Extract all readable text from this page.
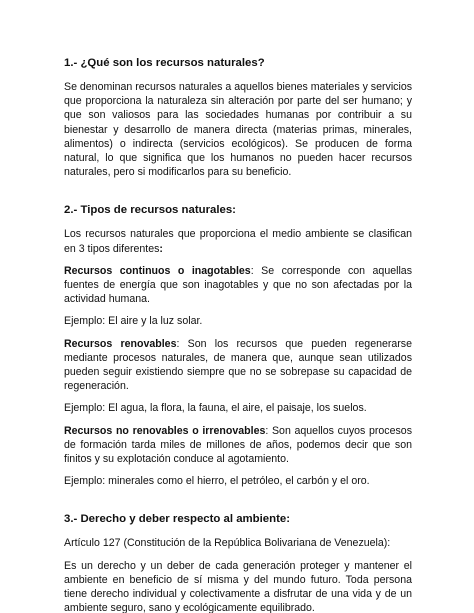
1.- ¿Qué son los recursos naturales?

Se denominan recursos naturales a aquellos bienes materiales y servicios que proporciona la naturaleza sin alteración por parte del ser humano; y que son valiosos para las sociedades humanas por contribuir a su bienestar y desarrollo de manera directa (materias primas, minerales, alimentos) o indirecta (servicios ecológicos). Se producen de forma natural, lo que significa que los humanos no pueden hacer recursos naturales, pero si modificarlos para su beneficio.

2.- Tipos de recursos naturales:

Los recursos naturales que proporciona el medio ambiente se clasifican en 3 tipos diferentes:

Recursos continuos o inagotables: Se corresponde con aquellas fuentes de energía que son inagotables y que no son afectadas por la actividad humana.

Ejemplo: El aire y la luz solar.

Recursos renovables: Son los recursos que pueden regenerarse mediante procesos naturales, de manera que, aunque sean utilizados pueden seguir existiendo siempre que no se sobrepase su capacidad de regeneración.

Ejemplo: El agua, la flora, la fauna, el aire, el paisaje, los suelos.

Recursos no renovables o irrenovables: Son aquellos cuyos procesos de formación tarda miles de millones de años, podemos decir que son finitos y su explotación conduce al agotamiento.

Ejemplo: minerales como el hierro, el petróleo, el carbón y el oro.

3.- Derecho y deber respecto al ambiente:

Artículo 127 (Constitución de la República Bolivariana de Venezuela):

Es un derecho y un deber de cada generación proteger y mantener el ambiente en beneficio de sí misma y del mundo futuro. Toda persona tiene derecho individual y colectivamente a disfrutar de una vida y de un ambiente seguro, sano y ecológicamente equilibrado.
